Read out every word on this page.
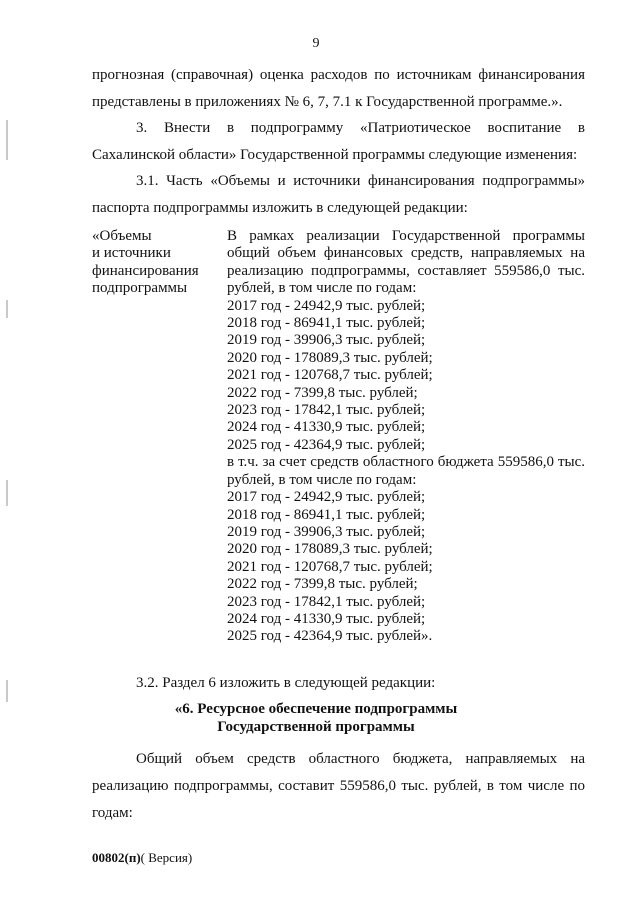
9

прогнозная (справочная) оценка расходов по источникам финансирования представлены в приложениях № 6, 7, 7.1 к Государственной программе.».

3. Внести в подпрограмму «Патриотическое воспитание в Сахалинской области» Государственной программы следующие изменения:

3.1. Часть «Объемы и источники финансирования подпрограммы» паспорта подпрограммы изложить в следующей редакции:

«Объемы
и источники
финансирования
подпрограммы
В рамках реализации Государственной программы общий объем финансовых средств, направляемых на реализацию подпрограммы, составляет 559586,0 тыс. рублей, в том числе по годам:
2017 год - 24942,9 тыс. рублей;
2018 год - 86941,1 тыс. рублей;
2019 год - 39906,3 тыс. рублей;
2020 год - 178089,3 тыс. рублей;
2021 год - 120768,7 тыс. рублей;
2022 год - 7399,8 тыс. рублей;
2023 год - 17842,1 тыс. рублей;
2024 год - 41330,9 тыс. рублей;
2025 год - 42364,9 тыс. рублей;
в т.ч. за счет средств областного бюджета 559586,0 тыс. рублей, в том числе по годам:
2017 год - 24942,9 тыс. рублей;
2018 год - 86941,1 тыс. рублей;
2019 год - 39906,3 тыс. рублей;
2020 год - 178089,3 тыс. рублей;
2021 год - 120768,7 тыс. рублей;
2022 год - 7399,8 тыс. рублей;
2023 год - 17842,1 тыс. рублей;
2024 год - 41330,9 тыс. рублей;
2025 год - 42364,9 тыс. рублей».

3.2. Раздел 6 изложить в следующей редакции:

«6. Ресурсное обеспечение подпрограммы
Государственной программы

Общий объем средств областного бюджета, направляемых на реализацию подпрограммы, составит 559586,0 тыс. рублей, в том числе по годам:

00802(п)( Версия)
